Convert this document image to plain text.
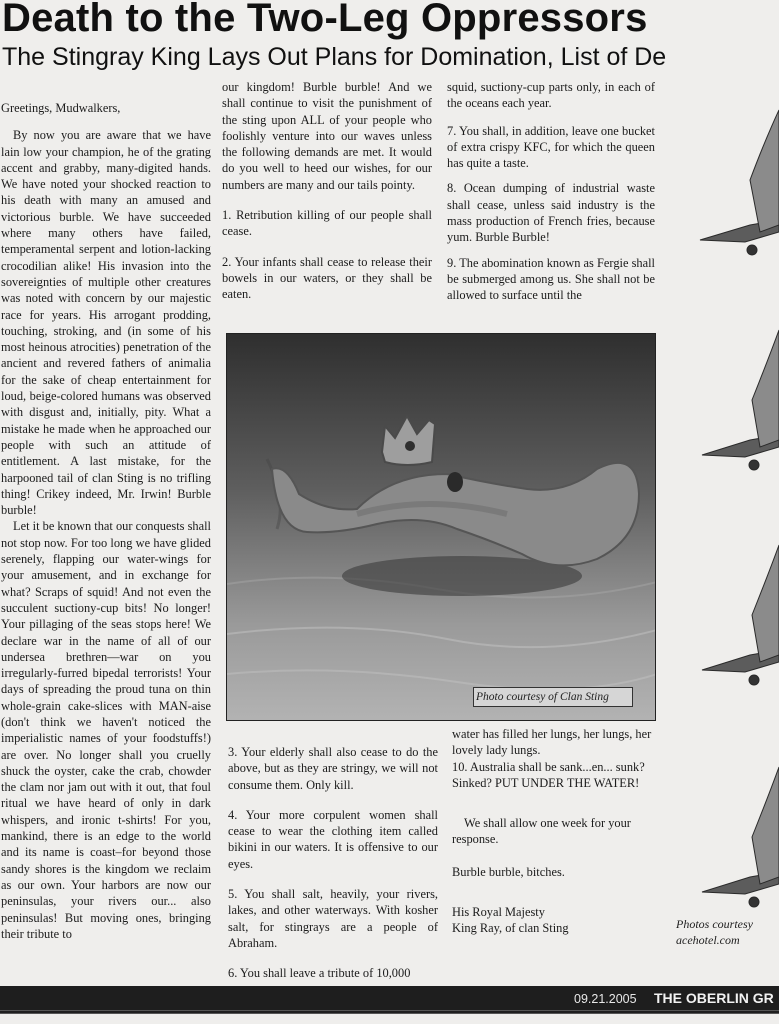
Death to the Two-Leg Oppressors
The Stingray King Lays Out Plans for Domination, List of De

Greetings, Mudwalkers,

By now you are aware that we have lain low your champion, he of the grating accent and grabby, many-digited hands. We have noted your shocked reaction to his death with many an amused and victorious burble. We have succeeded where many others have failed, temperamental serpent and lotion-lacking crocodilian alike! His invasion into the sovereignties of multiple other creatures was noted with concern by our majestic race for years. His arrogant prodding, touching, stroking, and (in some of his most heinous atrocities) penetration of the ancient and revered fathers of animalia for the sake of cheap entertainment for loud, beige-colored humans was observed with disgust and, initially, pity. What a mistake he made when he approached our people with such an attitude of entitlement. A last mistake, for the harpooned tail of clan Sting is no trifling thing! Crikey indeed, Mr. Irwin! Burble burble!

Let it be known that our conquests shall not stop now. For too long we have glided serenely, flapping our water-wings for your amusement, and in exchange for what? Scraps of squid! And not even the succulent suctiony-cup bits! No longer! Your pillaging of the seas stops here! We declare war in the name of all of our undersea brethren—war on you irregularly-furred bipedal terrorists! Your days of spreading the proud tuna on thin whole-grain cake-slices with MAN-aise (don't think we haven't noticed the imperialistic names of your foodstuffs!) are over. No longer shall you cruelly shuck the oyster, cake the crab, chowder the clam nor jam out with it out, that foul ritual we have heard of only in dark whispers, and ironic t-shirts! For you, mankind, there is an edge to the world and its name is coast–for beyond those sandy shores is the kingdom we reclaim as our own. Your harbors are now our peninsulas, your rivers our... also peninsulas! But moving ones, bringing their tribute to

our kingdom! Burble burble! And we shall continue to visit the punishment of the sting upon ALL of your people who foolishly venture into our waves unless the following demands are met. It would do you well to heed our wishes, for our numbers are many and our tails pointy.

1. Retribution killing of our people shall cease.

2. Your infants shall cease to release their bowels in our waters, or they shall be eaten.

squid, suctiony-cup parts only, in each of the oceans each year.

7. You shall, in addition, leave one bucket of extra crispy KFC, for which the queen has quite a taste.

8. Ocean dumping of industrial waste shall cease, unless said industry is the mass production of French fries, because yum. Burble Burble!

9. The abomination known as Fergie shall be submerged among us. She shall not be allowed to surface until the

Photo courtesy of Clan Sting

3. Your elderly shall also cease to do the above, but as they are stringy, we will not consume them. Only kill.

4. Your more corpulent women shall cease to wear the clothing item called bikini in our waters. It is offensive to our eyes.

5. You shall salt, heavily, your rivers, lakes, and other waterways. With kosher salt, for stingrays are a people of Abraham.

6. You shall leave a tribute of 10,000

water has filled her lungs, her lungs, her lovely lady lungs.

10. Australia shall be sank...en... sunk? Sinked? PUT UNDER THE WATER!

We shall allow one week for your response.

Burble burble, bitches.

His Royal Majesty

King Ray, of clan Sting	Photos courtesy acehotel.com
09.21.2005 THE OBERLIN GR
